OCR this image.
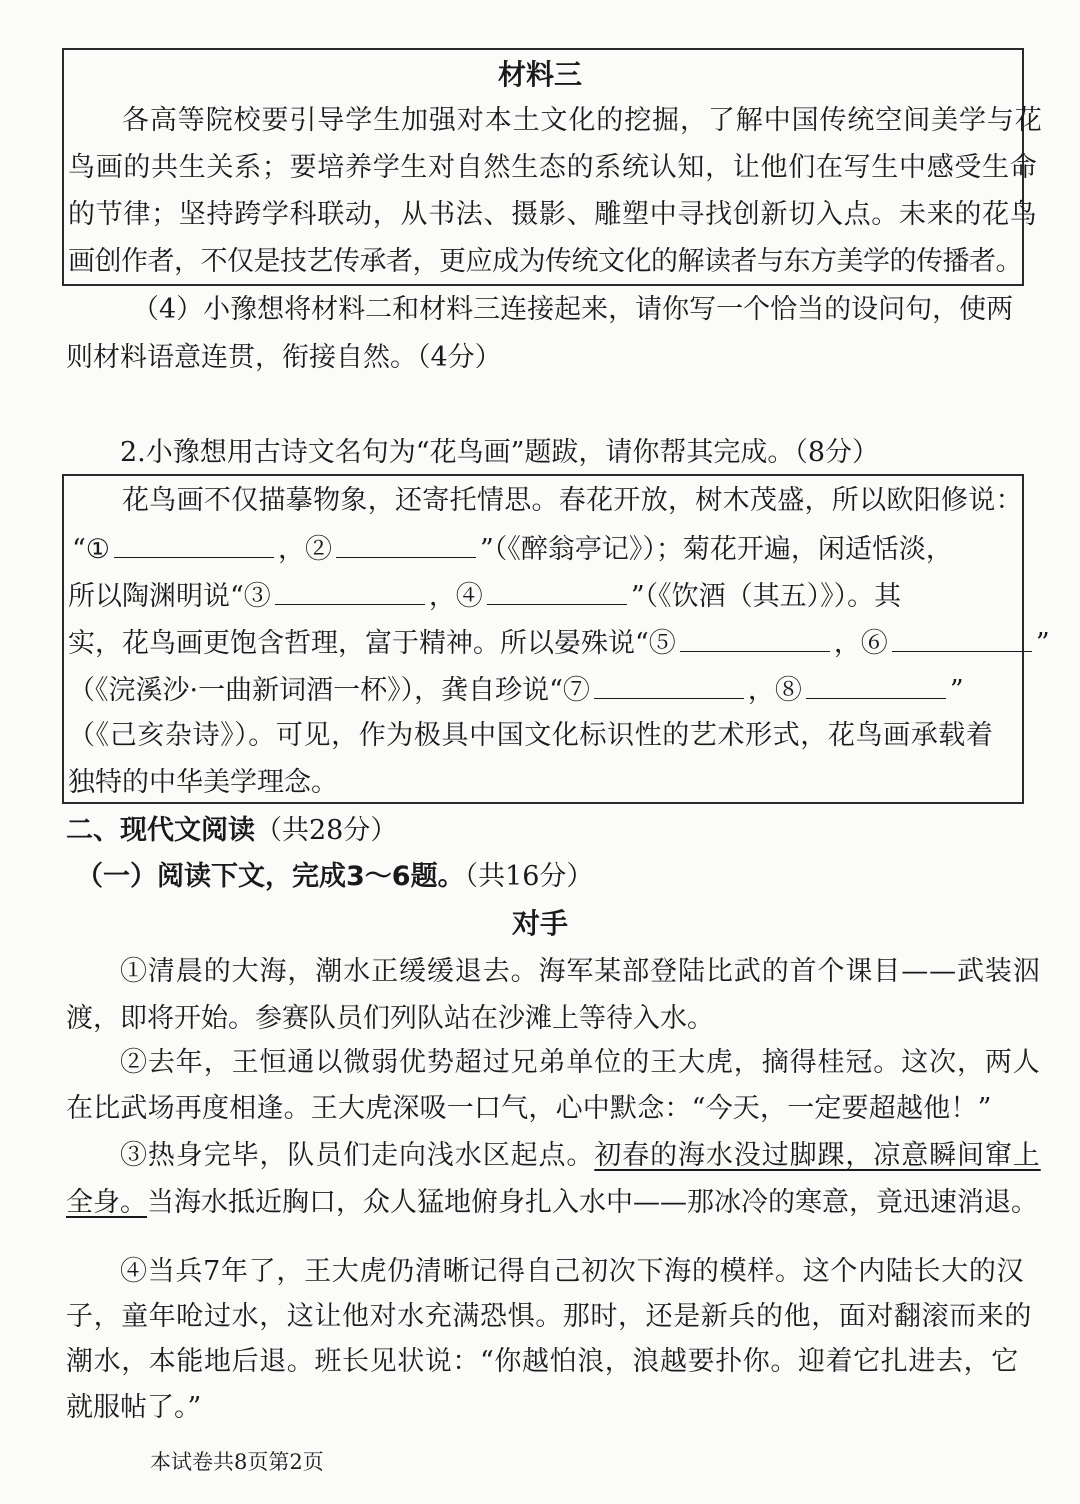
材料三
各高等院校要引导学生加强对本土文化的挖掘，了解中国传统空间美学与花
鸟画的共生关系；要培养学生对自然生态的系统认知，让他们在写生中感受生命
的节律；坚持跨学科联动，从书法、摄影、雕塑中寻找创新切入点。未来的花鸟
画创作者，不仅是技艺传承者，更应成为传统文化的解读者与东方美学的传播者。
（4）小豫想将材料二和材料三连接起来，请你写一个恰当的设问句，使两
则材料语意连贯，衔接自然。（4分）
2.小豫想用古诗文名句为“花鸟画”题跋，请你帮其完成。（8分）
花鸟画不仅描摹物象，还寄托情思。春花开放，树木茂盛，所以欧阳修说：
“①	，②	”（《醉翁亭记》）；菊花开遍，闲适恬淡，
所以陶渊明说“③	，④	”（《饮酒（其五）》）。其
实，花鸟画更饱含哲理，富于精神。所以晏殊说“⑤	，⑥	”
（《浣溪沙·一曲新词酒一杯》），龚自珍说“⑦	，⑧	”
（《己亥杂诗》）。可见，作为极具中国文化标识性的艺术形式，花鸟画承载着
独特的中华美学理念。
二、现代文阅读（共28分）
（一）阅读下文，完成3～6题。（共16分）
对手
①清晨的大海，潮水正缓缓退去。海军某部登陆比武的首个课目——武装泅
渡，即将开始。参赛队员们列队站在沙滩上等待入水。
②去年，王恒通以微弱优势超过兄弟单位的王大虎，摘得桂冠。这次，两人
在比武场再度相逢。王大虎深吸一口气，心中默念：“今天，一定要超越他！”
③热身完毕，队员们走向浅水区起点。初春的海水没过脚踝，凉意瞬间窜上
全身。当海水抵近胸口，众人猛地俯身扎入水中——那冰冷的寒意，竟迅速消退。
④当兵7年了，王大虎仍清晰记得自己初次下海的模样。这个内陆长大的汉
子，童年呛过水，这让他对水充满恐惧。那时，还是新兵的他，面对翻滚而来的
潮水，本能地后退。班长见状说：“你越怕浪，浪越要扑你。迎着它扎进去，它
就服帖了。”
本试卷共8页第2页
